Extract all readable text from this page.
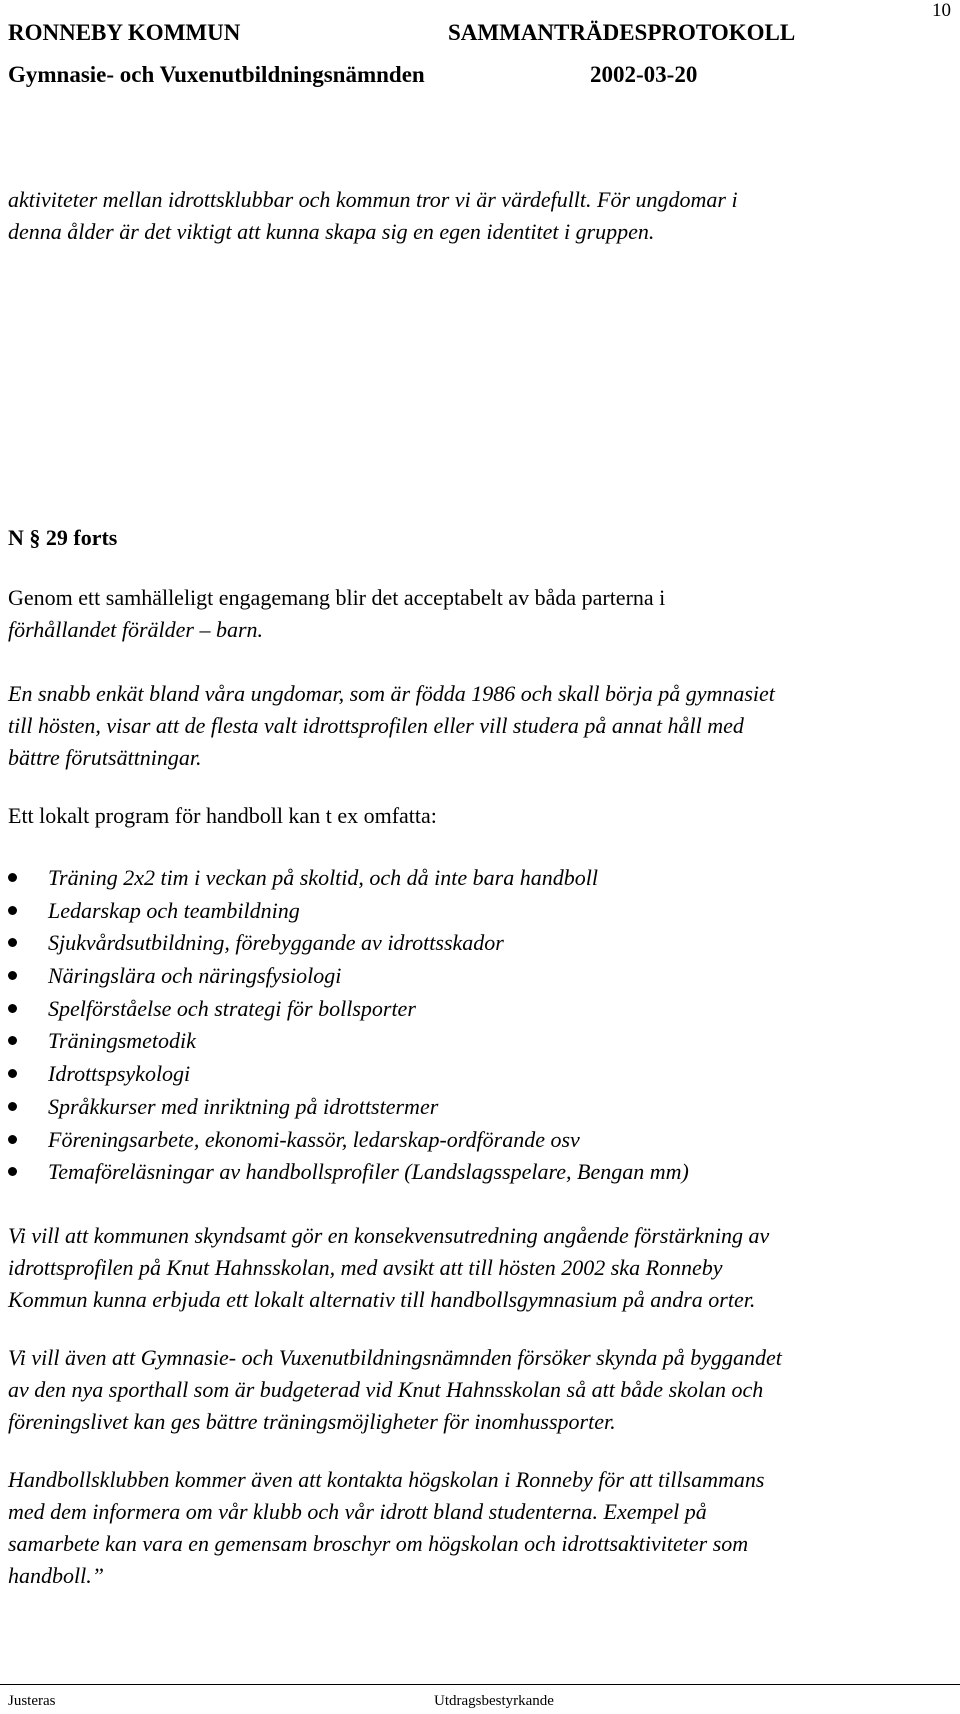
RONNEBY KOMMUN	SAMMANTRÄDESPROTOKOLL
Gymnasie- och Vuxenutbildningsnämnden	2002-03-20
10
aktiviteter mellan idrottsklubbar och kommun tror vi är värdefullt. För ungdomar i
denna ålder är det viktigt att kunna skapa sig en egen identitet i gruppen.
N § 29 forts
Genom ett samhälleligt engagemang blir det acceptabelt av båda parterna i
förhållandet förälder – barn.
En snabb enkät bland våra ungdomar, som är födda 1986 och skall börja på gymnasiet
till hösten, visar att de flesta valt idrottsprofilen eller vill studera på annat håll med
bättre förutsättningar.
Ett lokalt program för handboll kan t ex omfatta:
Träning 2x2 tim i veckan på skoltid, och då inte bara handboll
Ledarskap och teambildning
Sjukvårdsutbildning, förebyggande av idrottsskador
Näringslära och näringsfysiologi
Spelförståelse och strategi för bollsporter
Träningsmetodik
Idrottspsykologi
Språkkurser med inriktning på idrottstermer
Föreningsarbete, ekonomi-kassör, ledarskap-ordförande osv
Temaföreläsningar av handbollsprofiler (Landslagsspelare, Bengan mm)
Vi vill att kommunen skyndsamt gör en konsekvensutredning angående förstärkning av
idrottsprofilen på Knut Hahnsskolan, med avsikt att till hösten 2002 ska Ronneby
Kommun kunna erbjuda ett lokalt alternativ till handbollsgymnasium på andra orter.
Vi vill även att Gymnasie- och Vuxenutbildningsnämnden försöker skynda på byggandet
av den nya sporthall som är budgeterad vid Knut Hahnsskolan så att både skolan och
föreningslivet kan ges bättre träningsmöjligheter för inomhussporter.
Handbollsklubben kommer även att kontakta högskolan i Ronneby för att tillsammans
med dem informera om vår klubb och vår idrott bland studenterna. Exempel på
samarbete kan vara en gemensam broschyr om högskolan och idrottsaktiviteter som
handboll.”
Justeras	Utdragsbestyrkande
